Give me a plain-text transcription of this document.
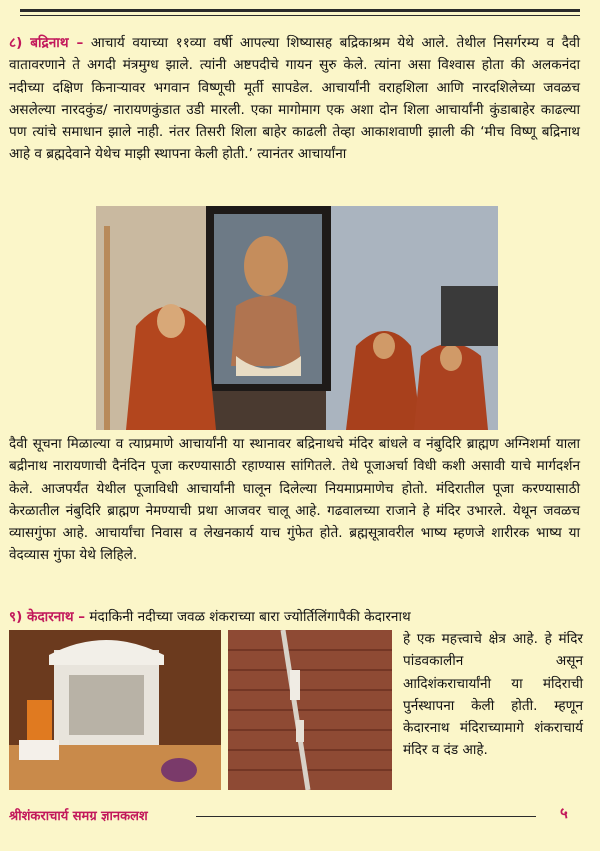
८) बद्रिनाथ – आचार्य वयाच्या ११व्या वर्षी आपल्या शिष्यासह बद्रिकाश्रम येथे आले. तेथील निसर्गरम्य व दैवी वातावरणाने ते अगदी मंत्रमुग्ध झाले. त्यांनी अष्टपदीचे गायन सुरु केले. त्यांना असा विश्वास होता की अलकनंदा नदीच्या दक्षिण किनाऱ्यावर भगवान विष्णूची मूर्ती सापडेल. आचार्यांनी वराहशिला आणि नारदशिलेच्या जवळच असलेल्या नारदकुंड/ नारायणकुंडात उडी मारली. एका मागोमाग एक अशा दोन शिला आचार्यांनी कुंडाबाहेर काढल्या पण त्यांचे समाधान झाले नाही. नंतर तिसरी शिला बाहेर काढली तेव्हा आकाशवाणी झाली की ‘मीच विष्णू बद्रिनाथ आहे व ब्रह्मदेवाने येथेच माझी स्थापना केली होती.’ त्यानंतर आचार्यांना

दैवी सूचना मिळाल्या व त्याप्रमाणे आचार्यांनी या स्थानावर बद्रिनाथचे मंदिर बांधले व नंबुदिरि ब्राह्मण अग्निशर्मा याला बद्रीनाथ नारायणाची दैनंदिन पूजा करण्यासाठी रहाण्यास सांगितले. तेथे पूजाअर्चा विधी कशी असावी याचे मार्गदर्शन केले. आजपर्यंत येथील पूजाविधी आचार्यांनी घालून दिलेल्या नियमाप्रमाणेच होतो. मंदिरातील पूजा करण्यासाठी केरळातील नंबुदिरि ब्राह्मण नेमण्याची प्रथा आजवर चालू आहे. गढवालच्या राजाने हे मंदिर उभारले. येथून जवळच व्यासगुंफा आहे. आचार्यांचा निवास व लेखनकार्य याच गुंफेत होते. ब्रह्मसूत्रावरील भाष्य म्हणजे शारीरक भाष्य या वेदव्यास गुंफा येथे लिहिले.

९) केदारनाथ – मंदाकिनी नदीच्या जवळ शंकराच्या बारा ज्योर्तिलिंगापैकी केदारनाथ

हे एक महत्त्वाचे क्षेत्र आहे. हे मंदिर पांडवकालीन असून आदिशंकराचार्यांनी या मंदिराची पुर्नस्थापना केली होती. म्हणून केदारनाथ मंदिराच्यामागे शंकराचार्य मंदिर व दंड आहे.

श्रीशंकराचार्य समग्र ज्ञानकलश	५
